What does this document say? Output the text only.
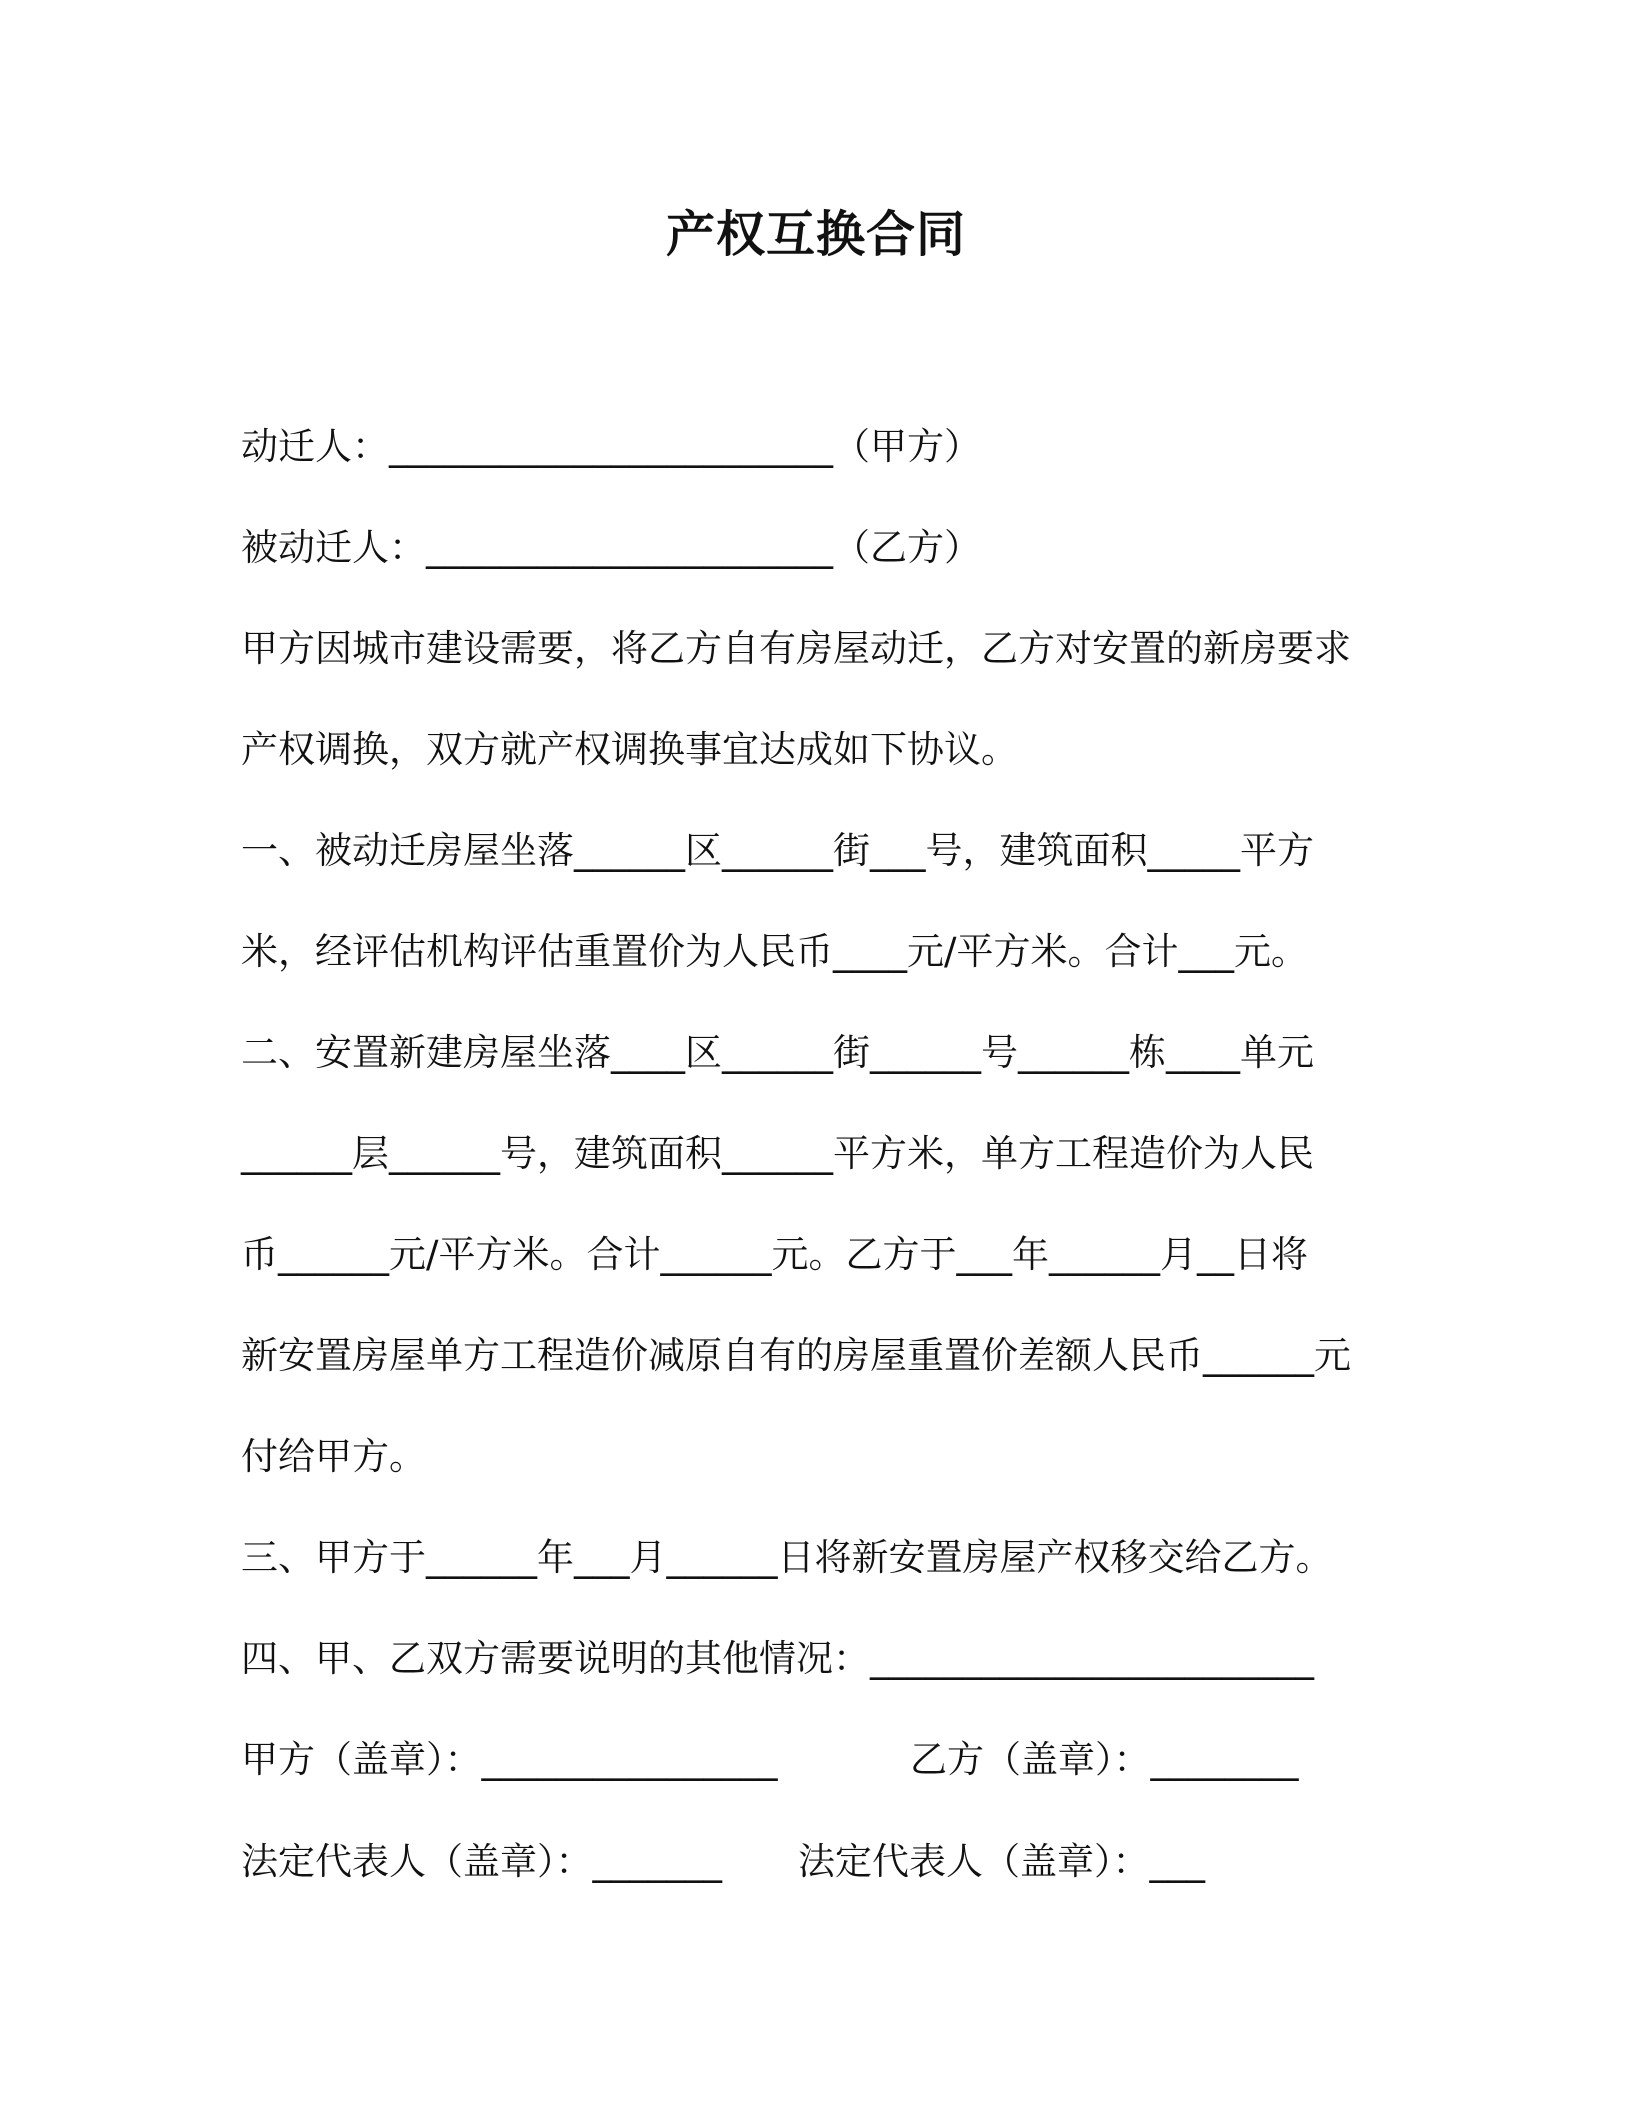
产权互换合同
动迁人：________________________（甲方）
被动迁人：______________________（乙方）
甲方因城市建设需要，将乙方自有房屋动迁，乙方对安置的新房要求
产权调换，双方就产权调换事宜达成如下协议。
一、被动迁房屋坐落______区______街___号，建筑面积_____平方
米，经评估机构评估重置价为人民币____元/平方米。合计___元。
二、安置新建房屋坐落____区______街______号______栋____单元
______层______号，建筑面积______平方米，单方工程造价为人民
币______元/平方米。合计______元。乙方于___年______月__日将
新安置房屋单方工程造价减原自有的房屋重置价差额人民币______元
付给甲方。
三、甲方于______年___月______日将新安置房屋产权移交给乙方。
四、甲、乙双方需要说明的其他情况：________________________
甲方（盖章）：________________	乙方（盖章）：________
法定代表人（盖章）：_______ 法定代表人（盖章）：___
